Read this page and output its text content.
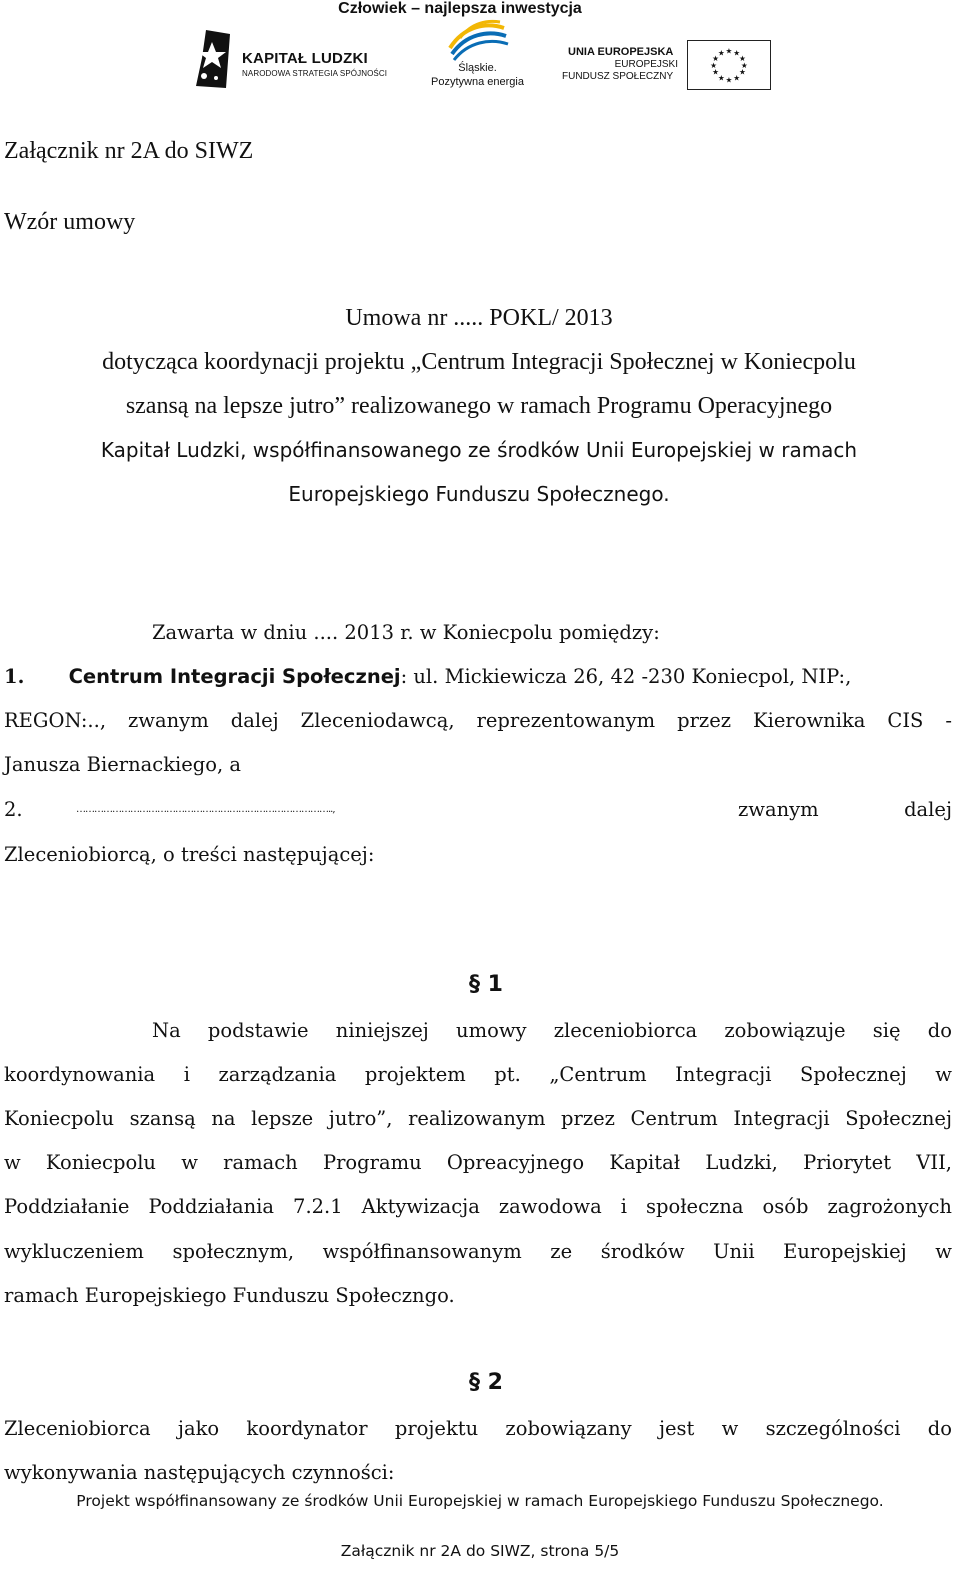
Człowiek – najlepsza inwestycja
KAPITAŁ LUDZKI
NARODOWA STRATEGIA SPÓJNOŚCI	Śląskie.
Pozytywna energia
UNIA EUROPEJSKA
EUROPEJSKI
FUNDUSZ SPOŁECZNY
★ ★
★
★
★
★
★
★
★
★
★
★
Załącznik nr 2A do SIWZ
Wzór umowy
Umowa nr ..... POKL/ 2013
dotycząca koordynacji projektu „Centrum Integracji Społecznej w Koniecpolu
szansą na lepsze jutro” realizowanego w ramach Programu Operacyjnego
Kapitał Ludzki, współfinansowanego ze środków Unii Europejskiej w ramach
Europejskiego Funduszu Społecznego.
Zawarta w dniu .... 2013 r. w Koniecpolu pomiędzy:
1. Centrum Integracji Społecznej: ul. Mickiewicza 26, 42 -230 Koniecpol, NIP:,
REGON:.., zwanym dalej Zleceniodawcą, reprezentowanym przez Kierownika CIS -
Janusza Biernackiego, a
2.	…………………………………………………………………………..,	zwanym	dalej
Zleceniobiorcą, o treści następującej:
§ 1
Na podstawie niniejszej umowy zleceniobiorca zobowiązuje się do
koordynowania i zarządzania projektem pt. „Centrum Integracji Społecznej w
Koniecpolu szansą na lepsze jutro”, realizowanym przez Centrum Integracji Społecznej
w Koniecpolu w ramach Programu Opreacyjnego Kapitał Ludzki, Priorytet VII,
Poddziałanie Poddziałania 7.2.1 Aktywizacja zawodowa i społeczna osób zagrożonych
wykluczeniem społecznym, współfinansowanym ze środków Unii Europejskiej w
ramach Europejskiego Funduszu Społeczngo.
§ 2
Zleceniobiorca jako koordynator projektu zobowiązany jest w szczególności do
wykonywania następujących czynności:
Projekt współfinansowany ze środków Unii Europejskiej w ramach Europejskiego Funduszu Społecznego.
Załącznik nr 2A do SIWZ, strona 5/5
